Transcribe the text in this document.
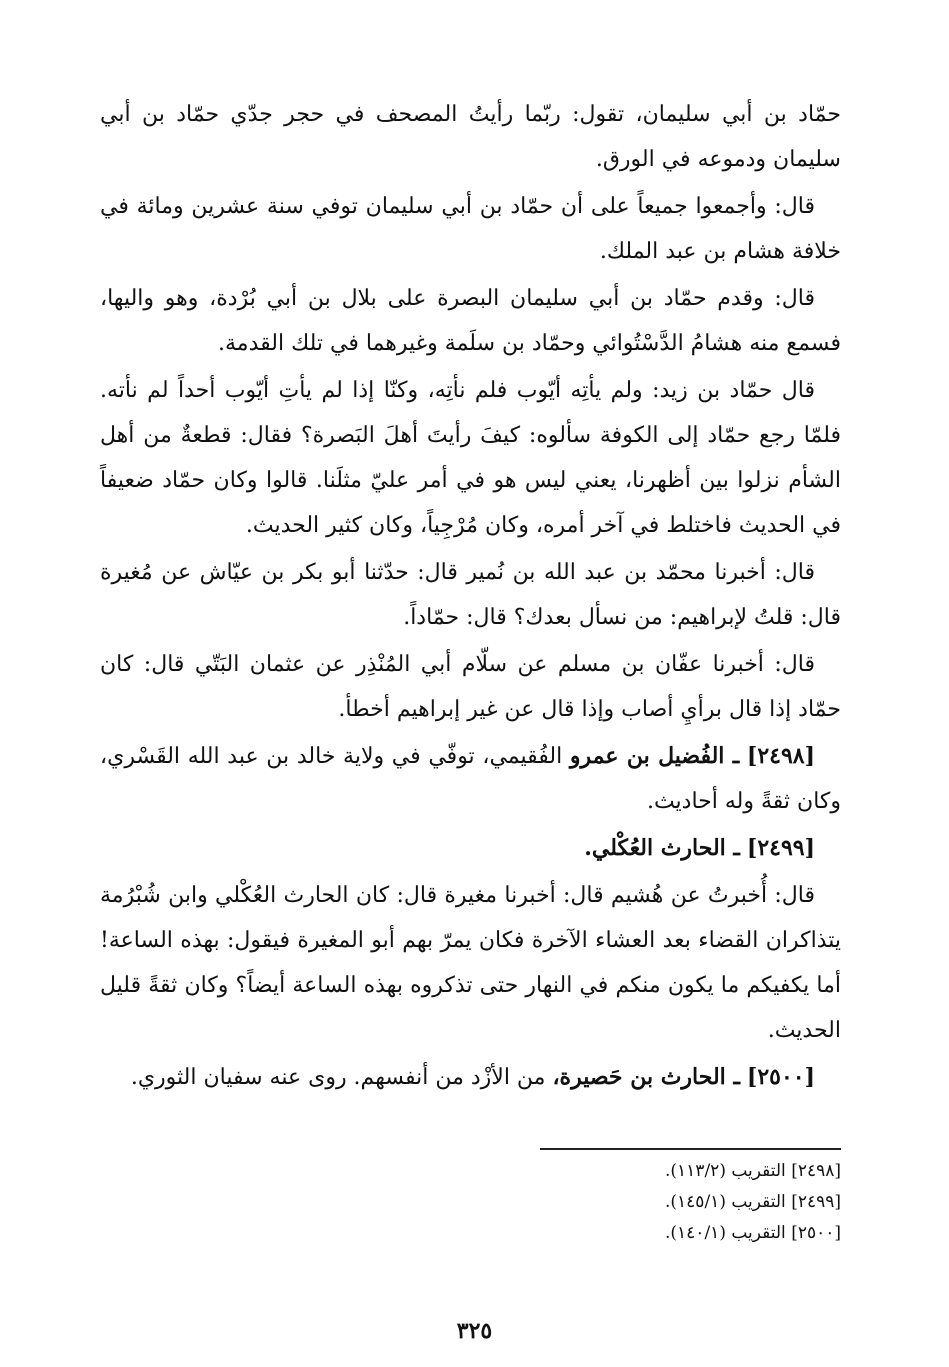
حمّاد بن أبي سليمان، تقول: ربّما رأيتُ المصحف في حجر جدّي حمّاد بن أبي سليمان ودموعه في الورق.

قال: وأجمعوا جميعاً على أن حمّاد بن أبي سليمان توفي سنة عشرين ومائة في خلافة هشام بن عبد الملك.

قال: وقدم حمّاد بن أبي سليمان البصرة على بلال بن أبي بُرْدة، وهو واليها، فسمع منه هشامُ الدَّسْتُوائي وحمّاد بن سلَمة وغيرهما في تلك القدمة.

قال حمّاد بن زيد: ولم يأتِه أيّوب فلم نأتِه، وكنّا إذا لم يأتِ أيّوب أحداً لم نأته. فلمّا رجع حمّاد إلى الكوفة سألوه: كيفَ رأيتَ أهلَ البَصرة؟ فقال: قطعةٌ من أهل الشأم نزلوا بين أظهرنا، يعني ليس هو في أمر عليّ مثلَنا. قالوا وكان حمّاد ضعيفاً في الحديث فاختلط في آخر أمره، وكان مُرْجِياً، وكان كثير الحديث.

قال: أخبرنا محمّد بن عبد الله بن نُمير قال: حدّثنا أبو بكر بن عيّاش عن مُغيرة قال: قلتُ لإبراهيم: من نسأل بعدك؟ قال: حمّاداً.

قال: أخبرنا عفّان بن مسلم عن سلّام أبي المُنْذِر عن عثمان البَتّي قال: كان حمّاد إذا قال برأيِ أصاب وإذا قال عن غير إبراهيم أخطأ.

[٢٤٩٨] ـ الفُضيل بن عمرو الفُقيمي، توفّي في ولاية خالد بن عبد الله القَسْري، وكان ثقةً وله أحاديث.

[٢٤٩٩] ـ الحارث العُكْلي.

قال: أُخبرتُ عن هُشيم قال: أخبرنا مغيرة قال: كان الحارث العُكْلي وابن شُبْرُمة يتذاكران القضاء بعد العشاء الآخرة فكان يمرّ بهم أبو المغيرة فيقول: بهذه الساعة! أما يكفيكم ما يكون منكم في النهار حتى تذكروه بهذه الساعة أيضاً؟ وكان ثقةً قليل الحديث.

[٢٥٠٠] ـ الحارث بن حَصيرة، من الأزْد من أنفسهم. روى عنه سفيان الثوري.

[٢٤٩٨] التقريب (١١٣/٢).
[٢٤٩٩] التقريب (١٤٥/١).
[٢٥٠٠] التقريب (١٤٠/١).
٣٢٥
